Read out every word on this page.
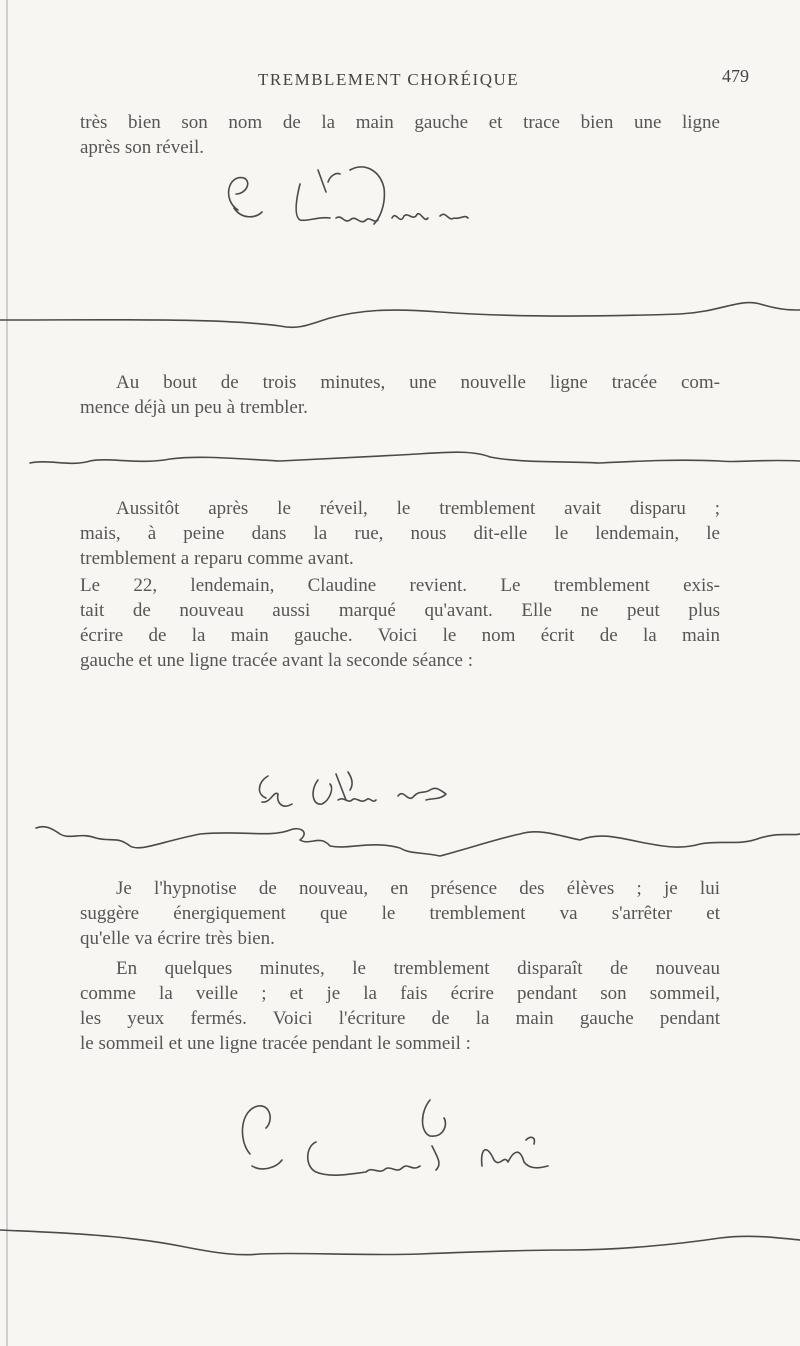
TREMBLEMENT CHORÉIQUE	479
très bien son nom de la main gauche et trace bien une ligne
après son réveil.
Au bout de trois minutes, une nouvelle ligne tracée com-
mence déjà un peu à trembler.
Aussitôt après le réveil, le tremblement avait disparu ;
mais, à peine dans la rue, nous dit-elle le lendemain, le
tremblement a reparu comme avant.
Le 22, lendemain, Claudine revient. Le tremblement exis-
tait de nouveau aussi marqué qu'avant. Elle ne peut plus
écrire de la main gauche. Voici le nom écrit de la main
gauche et une ligne tracée avant la seconde séance :
Je l'hypnotise de nouveau, en présence des élèves ; je lui
suggère énergiquement que le tremblement va s'arrêter et
qu'elle va écrire très bien.
En quelques minutes, le tremblement disparaît de nouveau
comme la veille ; et je la fais écrire pendant son sommeil,
les yeux fermés. Voici l'écriture de la main gauche pendant
le sommeil et une ligne tracée pendant le sommeil :
